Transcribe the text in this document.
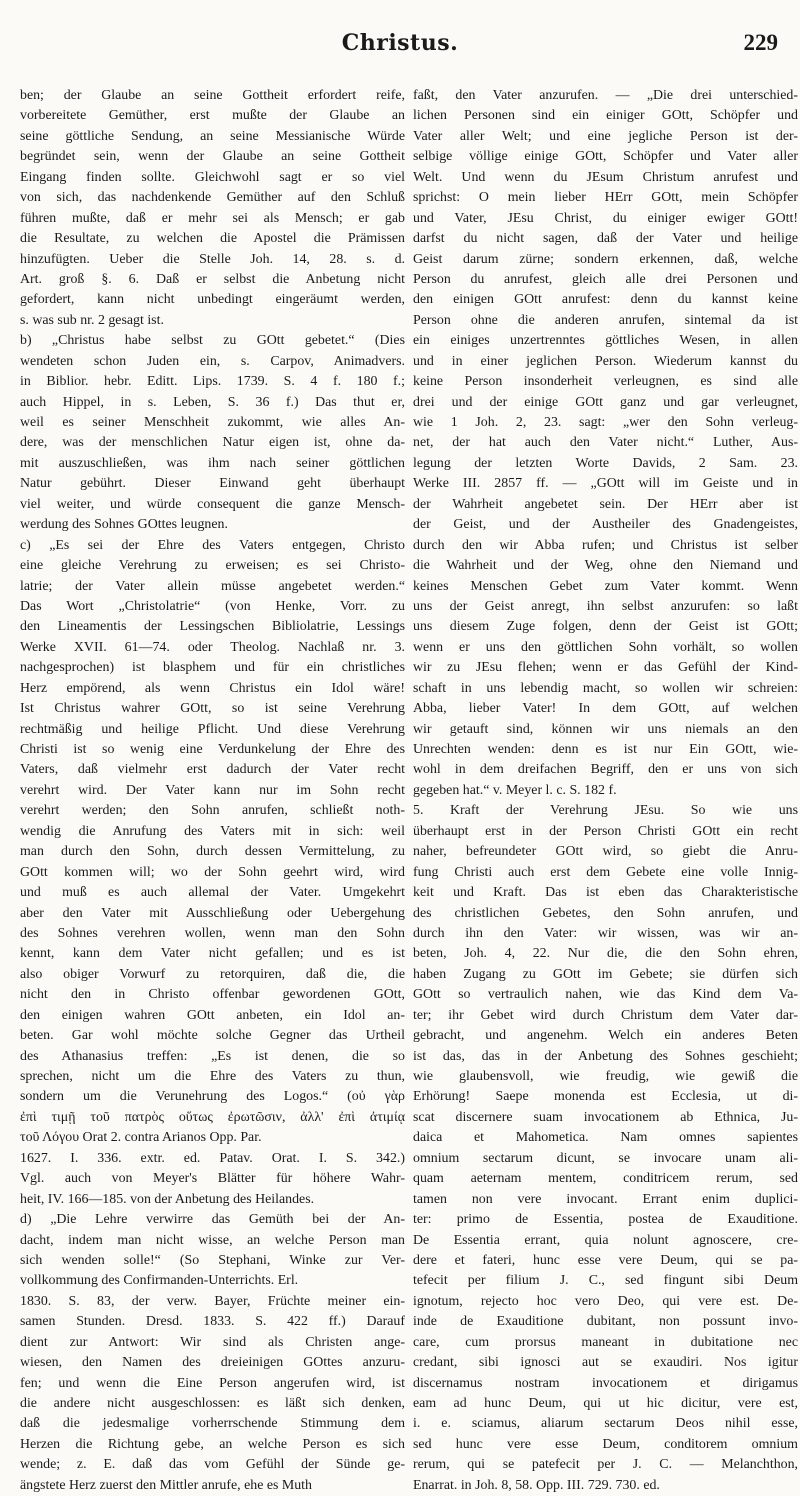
Christus.	229
ben; der Glaube an seine Gottheit erfordert reife,
vorbereitete Gemüther, erst mußte der Glaube an
seine göttliche Sendung, an seine Messianische Würde
begründet sein, wenn der Glaube an seine Gottheit
Eingang finden sollte. Gleichwohl sagt er so viel
von sich, das nachdenkende Gemüther auf den Schluß
führen mußte, daß er mehr sei als Mensch; er gab
die Resultate, zu welchen die Apostel die Prämissen
hinzufügten. Ueber die Stelle Joh. 14, 28. s. d.
Art. groß §. 6. Daß er selbst die Anbetung nicht
gefordert, kann nicht unbedingt eingeräumt werden,
s. was sub nr. 2 gesagt ist.
b) „Christus habe selbst zu GOtt gebetet.“ (Dies
wendeten schon Juden ein, s. Carpov, Animadvers.
in Biblior. hebr. Editt. Lips. 1739. S. 4 f. 180 f.;
auch Hippel, in s. Leben, S. 36 f.) Das thut er,
weil es seiner Menschheit zukommt, wie alles An-
dere, was der menschlichen Natur eigen ist, ohne da-
mit auszuschließen, was ihm nach seiner göttlichen
Natur gebührt. Dieser Einwand geht überhaupt
viel weiter, und würde consequent die ganze Mensch-
werdung des Sohnes GOttes leugnen.
c) „Es sei der Ehre des Vaters entgegen, Christo
eine gleiche Verehrung zu erweisen; es sei Christo-
latrie; der Vater allein müsse angebetet werden.“
Das Wort „Christolatrie“ (von Henke, Vorr. zu
den Lineamentis der Lessingschen Bibliolatrie, Lessings
Werke XVII. 61—74. oder Theolog. Nachlaß nr. 3.
nachgesprochen) ist blasphem und für ein christliches
Herz empörend, als wenn Christus ein Idol wäre!
Ist Christus wahrer GOtt, so ist seine Verehrung
rechtmäßig und heilige Pflicht. Und diese Verehrung
Christi ist so wenig eine Verdunkelung der Ehre des
Vaters, daß vielmehr erst dadurch der Vater recht
verehrt wird. Der Vater kann nur im Sohn recht
verehrt werden; den Sohn anrufen, schließt noth-
wendig die Anrufung des Vaters mit in sich: weil
man durch den Sohn, durch dessen Vermittelung, zu
GOtt kommen will; wo der Sohn geehrt wird, wird
und muß es auch allemal der Vater. Umgekehrt
aber den Vater mit Ausschließung oder Uebergehung
des Sohnes verehren wollen, wenn man den Sohn
kennt, kann dem Vater nicht gefallen; und es ist
also obiger Vorwurf zu retorquiren, daß die, die
nicht den in Christo offenbar gewordenen GOtt,
den einigen wahren GOtt anbeten, ein Idol an-
beten. Gar wohl möchte solche Gegner das Urtheil
des Athanasius treffen: „Es ist denen, die so
sprechen, nicht um die Ehre des Vaters zu thun,
sondern um die Verunehrung des Logos.“ (οὐ γὰρ
ἐπὶ τιμῇ τοῦ πατρὸς οὕτως ἐρωτῶσιν, ἀλλ' ἐπὶ ἀτιμίᾳ
τοῦ Λόγου Orat 2. contra Arianos Opp. Par.
1627. I. 336. extr. ed. Patav. Orat. I. S. 342.)
Vgl. auch von Meyer's Blätter für höhere Wahr-
heit, IV. 166—185. von der Anbetung des Heilandes.
d) „Die Lehre verwirre das Gemüth bei der An-
dacht, indem man nicht wisse, an welche Person man
sich wenden solle!“ (So Stephani, Winke zur Ver-
vollkommung des Confirmanden-Unterrichts. Erl.
1830. S. 83, der verw. Bayer, Früchte meiner ein-
samen Stunden. Dresd. 1833. S. 422 ff.) Darauf
dient zur Antwort: Wir sind als Christen ange-
wiesen, den Namen des dreieinigen GOttes anzuru-
fen; und wenn die Eine Person angerufen wird, ist
die andere nicht ausgeschlossen: es läßt sich denken,
daß die jedesmalige vorherrschende Stimmung dem
Herzen die Richtung gebe, an welche Person es sich
wende; z. E. daß das vom Gefühl der Sünde ge-
ängstete Herz zuerst den Mittler anrufe, ehe es Muth
faßt, den Vater anzurufen. — „Die drei unterschied-
lichen Personen sind ein einiger GOtt, Schöpfer und
Vater aller Welt; und eine jegliche Person ist der-
selbige völlige einige GOtt, Schöpfer und Vater aller
Welt. Und wenn du JEsum Christum anrufest und
sprichst: O mein lieber HErr GOtt, mein Schöpfer
und Vater, JEsu Christ, du einiger ewiger GOtt!
darfst du nicht sagen, daß der Vater und heilige
Geist darum zürne; sondern erkennen, daß, welche
Person du anrufest, gleich alle drei Personen und
den einigen GOtt anrufest: denn du kannst keine
Person ohne die anderen anrufen, sintemal da ist
ein einiges unzertrenntes göttliches Wesen, in allen
und in einer jeglichen Person. Wiederum kannst du
keine Person insonderheit verleugnen, es sind alle
drei und der einige GOtt ganz und gar verleugnet,
wie 1 Joh. 2, 23. sagt: „wer den Sohn verleug-
net, der hat auch den Vater nicht.“ Luther, Aus-
legung der letzten Worte Davids, 2 Sam. 23.
Werke III. 2857 ff. — „GOtt will im Geiste und in
der Wahrheit angebetet sein. Der HErr aber ist
der Geist, und der Austheiler des Gnadengeistes,
durch den wir Abba rufen; und Christus ist selber
die Wahrheit und der Weg, ohne den Niemand und
keines Menschen Gebet zum Vater kommt. Wenn
uns der Geist anregt, ihn selbst anzurufen: so laßt
uns diesem Zuge folgen, denn der Geist ist GOtt;
wenn er uns den göttlichen Sohn vorhält, so wollen
wir zu JEsu flehen; wenn er das Gefühl der Kind-
schaft in uns lebendig macht, so wollen wir schreien:
Abba, lieber Vater! In dem GOtt, auf welchen
wir getauft sind, können wir uns niemals an den
Unrechten wenden: denn es ist nur Ein GOtt, wie-
wohl in dem dreifachen Begriff, den er uns von sich
gegeben hat.“ v. Meyer l. c. S. 182 f.
5. Kraft der Verehrung JEsu. So wie uns
überhaupt erst in der Person Christi GOtt ein recht
naher, befreundeter GOtt wird, so giebt die Anru-
fung Christi auch erst dem Gebete eine volle Innig-
keit und Kraft. Das ist eben das Charakteristische
des christlichen Gebetes, den Sohn anrufen, und
durch ihn den Vater: wir wissen, was wir an-
beten, Joh. 4, 22. Nur die, die den Sohn ehren,
haben Zugang zu GOtt im Gebete; sie dürfen sich
GOtt so vertraulich nahen, wie das Kind dem Va-
ter; ihr Gebet wird durch Christum dem Vater dar-
gebracht, und angenehm. Welch ein anderes Beten
ist das, das in der Anbetung des Sohnes geschieht;
wie glaubensvoll, wie freudig, wie gewiß die
Erhörung! Saepe monenda est Ecclesia, ut di-
scat discernere suam invocationem ab Ethnica, Ju-
daica et Mahometica. Nam omnes sapientes
omnium sectarum dicunt, se invocare unam ali-
quam aeternam mentem, conditricem rerum, sed
tamen non vere invocant. Errant enim duplici-
ter: primo de Essentia, postea de Exauditione.
De Essentia errant, quia nolunt agnoscere, cre-
dere et fateri, hunc esse vere Deum, qui se pa-
tefecit per filium J. C., sed fingunt sibi Deum
ignotum, rejecto hoc vero Deo, qui vere est. De-
inde de Exauditione dubitant, non possunt invo-
care, cum prorsus maneant in dubitatione nec
credant, sibi ignosci aut se exaudiri. Nos igitur
discernamus nostram invocationem et dirigamus
eam ad hunc Deum, qui ut hic dicitur, vere est,
i. e. sciamus, aliarum sectarum Deos nihil esse,
sed hunc vere esse Deum, conditorem omnium
rerum, qui se patefecit per J. C. — Melanchthon,
Enarrat. in Joh. 8, 58. Opp. III. 729. 730. ed.
